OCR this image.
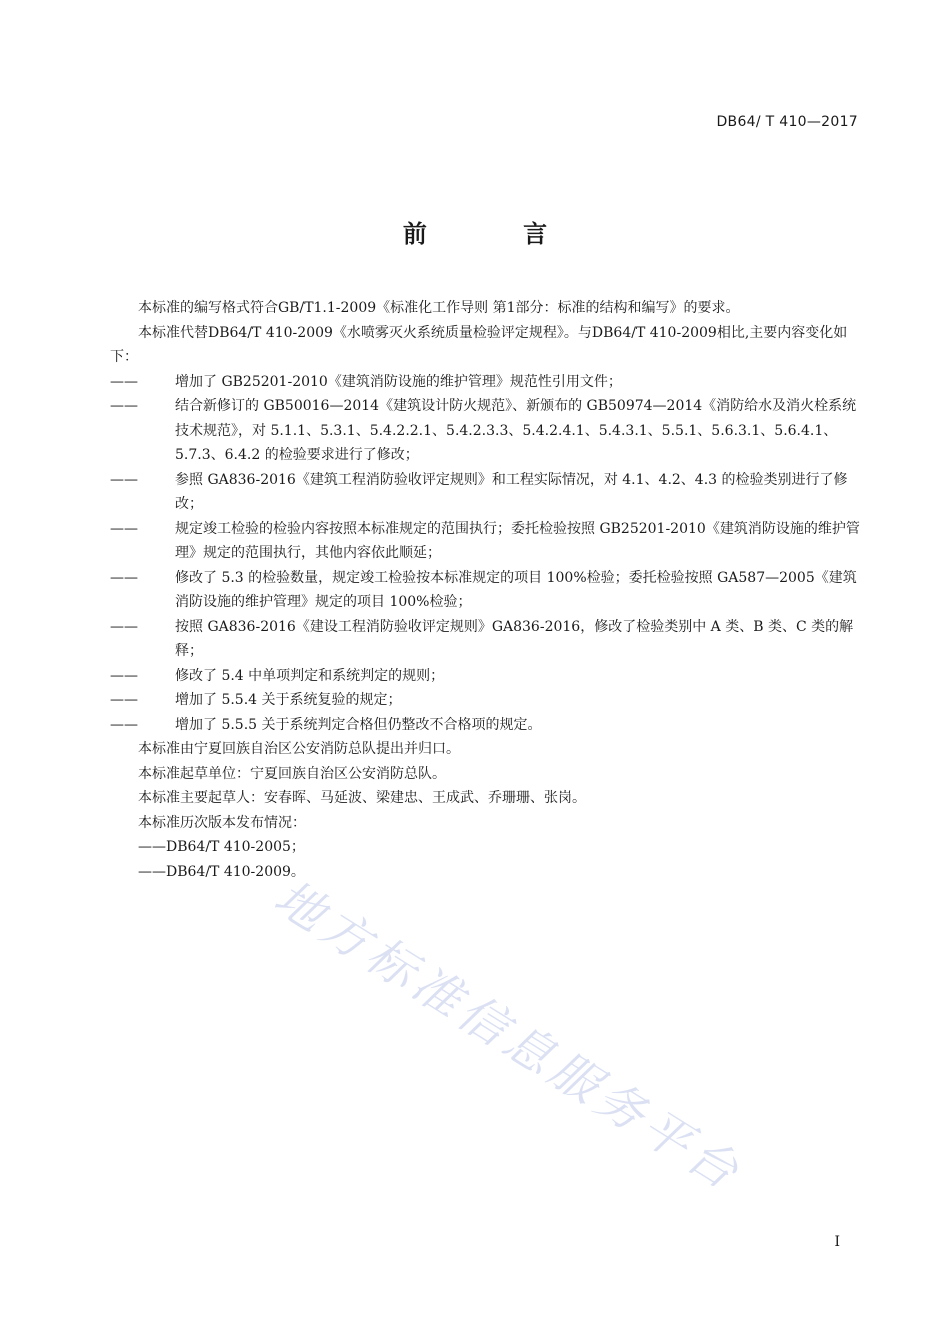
DB64/ T 410—2017
前 言

本标准的编写格式符合GB/T1.1-2009《标准化工作导则 第1部分：标准的结构和编写》的要求。

本标准代替DB64/T 410-2009《水喷雾灭火系统质量检验评定规程》。与DB64/T 410-2009相比,主要内容变化如下：

——	增加了 GB25201-2010《建筑消防设施的维护管理》规范性引用文件；

——	结合新修订的 GB50016—2014《建筑设计防火规范》、新颁布的 GB50974—2014《消防给水及消火栓系统技术规范》，对 5.1.1、5.3.1、5.4.2.2.1、5.4.2.3.3、5.4.2.4.1、5.4.3.1、5.5.1、5.6.3.1、5.6.4.1、5.7.3、6.4.2 的检验要求进行了修改；

——	参照 GA836-2016《建筑工程消防验收评定规则》和工程实际情况，对 4.1、4.2、4.3 的检验类别进行了修改；

——	规定竣工检验的检验内容按照本标准规定的范围执行；委托检验按照 GB25201-2010《建筑消防设施的维护管理》规定的范围执行，其他内容依此顺延；

——	修改了 5.3 的检验数量，规定竣工检验按本标准规定的项目 100%检验；委托检验按照 GA587—2005《建筑消防设施的维护管理》规定的项目 100%检验；

——	按照 GA836-2016《建设工程消防验收评定规则》GA836-2016，修改了检验类别中 A 类、B 类、C 类的解释；

——	修改了 5.4 中单项判定和系统判定的规则；

——	增加了 5.5.4 关于系统复验的规定；

——	增加了 5.5.5 关于系统判定合格但仍整改不合格项的规定。

本标准由宁夏回族自治区公安消防总队提出并归口。

本标准起草单位：宁夏回族自治区公安消防总队。

本标准主要起草人：安春晖、马延波、梁建忠、王成武、乔珊珊、张岗。

本标准历次版本发布情况：

——DB64/T 410-2005；

——DB64/T 410-2009。

地方标准信息服务平台
I
